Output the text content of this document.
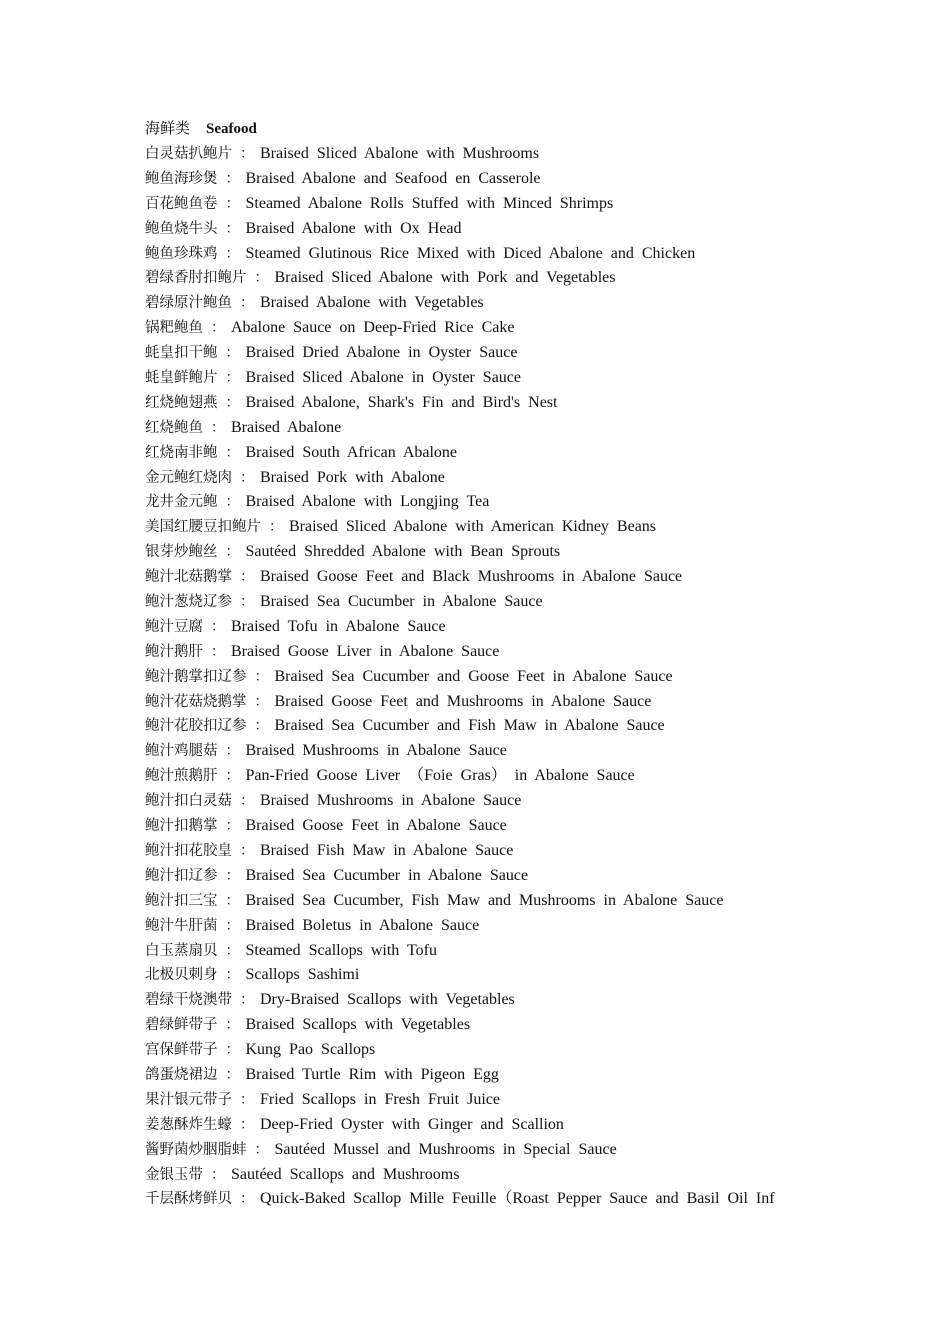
海鲜类 Seafood
白灵菇扒鲍片 ： Braised Sliced Abalone with Mushrooms
鲍鱼海珍煲 ： Braised Abalone and Seafood en Casserole
百花鲍鱼卷 ： Steamed Abalone Rolls Stuffed with Minced Shrimps
鲍鱼烧牛头 ： Braised Abalone with Ox Head
鲍鱼珍珠鸡 ： Steamed Glutinous Rice Mixed with Diced Abalone and Chicken
碧绿香肘扣鲍片 ： Braised Sliced Abalone with Pork and Vegetables
碧绿原汁鲍鱼 ： Braised Abalone with Vegetables
锅粑鲍鱼 ： Abalone Sauce on Deep-Fried Rice Cake
蚝皇扣干鲍 ： Braised Dried Abalone in Oyster Sauce
蚝皇鲜鲍片 ： Braised Sliced Abalone in Oyster Sauce
红烧鲍翅燕 ： Braised Abalone, Shark's Fin and Bird's Nest
红烧鲍鱼 ： Braised Abalone
红烧南非鲍 ： Braised South African Abalone
金元鲍红烧肉 ： Braised Pork with Abalone
龙井金元鲍 ： Braised Abalone with Longjing Tea
美国红腰豆扣鲍片 ： Braised Sliced Abalone with American Kidney Beans
银芽炒鲍丝 ： Sautéed Shredded Abalone with Bean Sprouts
鲍汁北菇鹅掌 ： Braised Goose Feet and Black Mushrooms in Abalone Sauce
鲍汁葱烧辽参 ： Braised Sea Cucumber in Abalone Sauce
鲍汁豆腐 ： Braised Tofu in Abalone Sauce
鲍汁鹅肝 ： Braised Goose Liver in Abalone Sauce
鲍汁鹅掌扣辽参 ： Braised Sea Cucumber and Goose Feet in Abalone Sauce
鲍汁花菇烧鹅掌 ： Braised Goose Feet and Mushrooms in Abalone Sauce
鲍汁花胶扣辽参 ： Braised Sea Cucumber and Fish Maw in Abalone Sauce
鲍汁鸡腿菇 ： Braised Mushrooms in Abalone Sauce
鲍汁煎鹅肝 ： Pan-Fried Goose Liver （Foie Gras） in Abalone Sauce
鲍汁扣白灵菇 ： Braised Mushrooms in Abalone Sauce
鲍汁扣鹅掌 ： Braised Goose Feet in Abalone Sauce
鲍汁扣花胶皇 ： Braised Fish Maw in Abalone Sauce
鲍汁扣辽参 ： Braised Sea Cucumber in Abalone Sauce
鲍汁扣三宝 ： Braised Sea Cucumber, Fish Maw and Mushrooms in Abalone Sauce
鲍汁牛肝菌 ： Braised Boletus in Abalone Sauce
白玉蒸扇贝 ： Steamed Scallops with Tofu
北极贝刺身 ： Scallops Sashimi
碧绿干烧澳带 ： Dry-Braised Scallops with Vegetables
碧绿鲜带子 ： Braised Scallops with Vegetables
宫保鲜带子 ： Kung Pao Scallops
鸽蛋烧裙边 ： Braised Turtle Rim with Pigeon Egg
果汁银元带子 ： Fried Scallops in Fresh Fruit Juice
姜葱酥炸生蠔 ： Deep-Fried Oyster with Ginger and Scallion
酱野菌炒胭脂蚌 ： Sautéed Mussel and Mushrooms in Special Sauce
金银玉带 ： Sautéed Scallops and Mushrooms
千层酥烤鲜贝 ： Quick-Baked Scallop Mille Feuille（Roast Pepper Sauce and Basil Oil Inf
